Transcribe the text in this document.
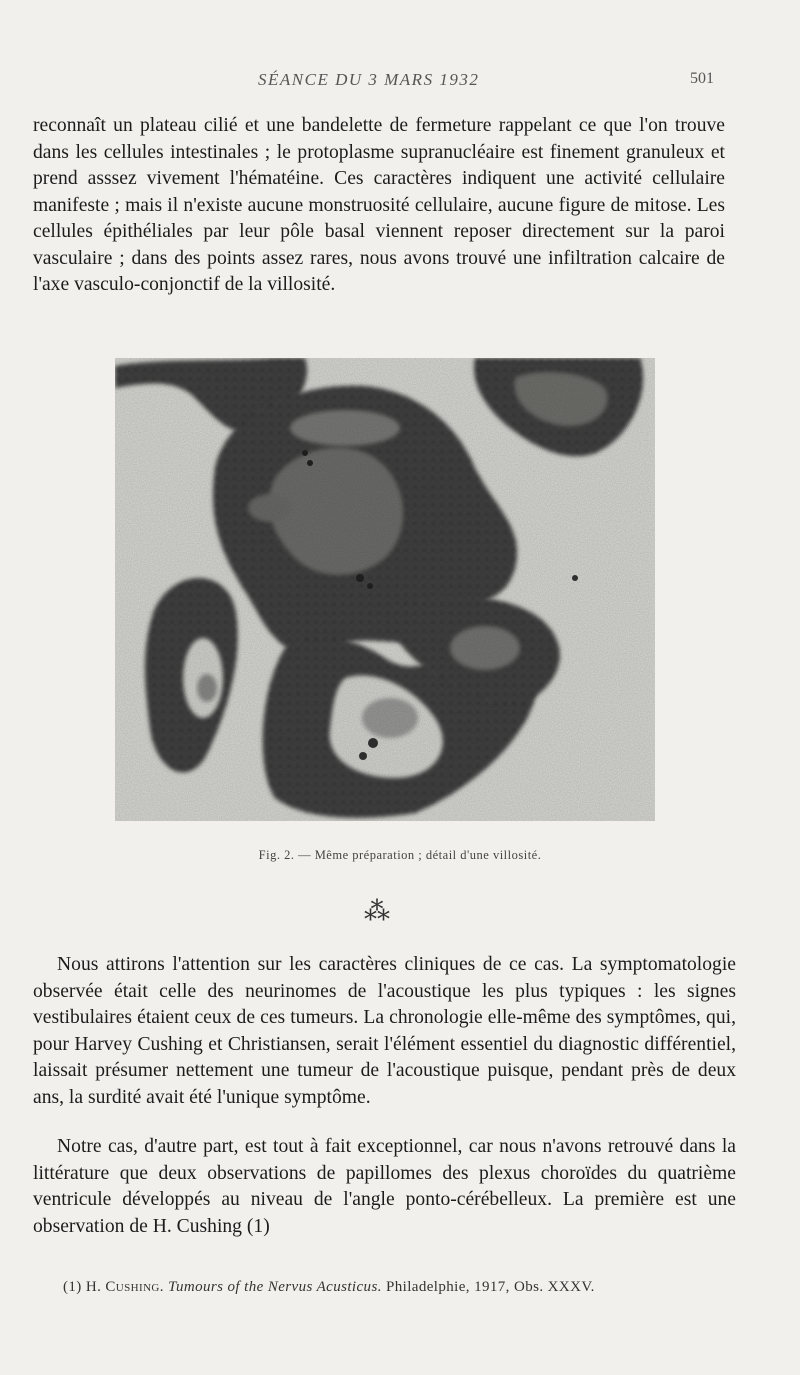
SÉANCE DU 3 MARS 1932	501

reconnaît un plateau cilié et une bandelette de fermeture rappelant ce que l'on trouve dans les cellules intestinales ; le protoplasme supranucléaire est finement granuleux et prend asssez vivement l'hématéine. Ces caractères indiquent une activité cellulaire manifeste ; mais il n'existe aucune monstruosité cellulaire, aucune figure de mitose. Les cellules épithéliales par leur pôle basal viennent reposer directement sur la paroi vasculaire ; dans des points assez rares, nous avons trouvé une infiltration calcaire de l'axe vasculo-conjonctif de la villosité.

Fig. 2. — Même préparation ; détail d'une villosité.
⁂

Nous attirons l'attention sur les caractères cliniques de ce cas. La symptomatologie observée était celle des neurinomes de l'acoustique les plus typiques : les signes vestibulaires étaient ceux de ces tumeurs. La chronologie elle-même des symptômes, qui, pour Harvey Cushing et Christiansen, serait l'élément essentiel du diagnostic différentiel, laissait présumer nettement une tumeur de l'acoustique puisque, pendant près de deux ans, la surdité avait été l'unique symptôme.

Notre cas, d'autre part, est tout à fait exceptionnel, car nous n'avons retrouvé dans la littérature que deux observations de papillomes des plexus choroïdes du quatrième ventricule développés au niveau de l'angle ponto-cérébelleux. La première est une observation de H. Cushing (1)

(1) H. Cushing. Tumours of the Nervus Acusticus. Philadelphie, 1917, Obs. XXXV.
